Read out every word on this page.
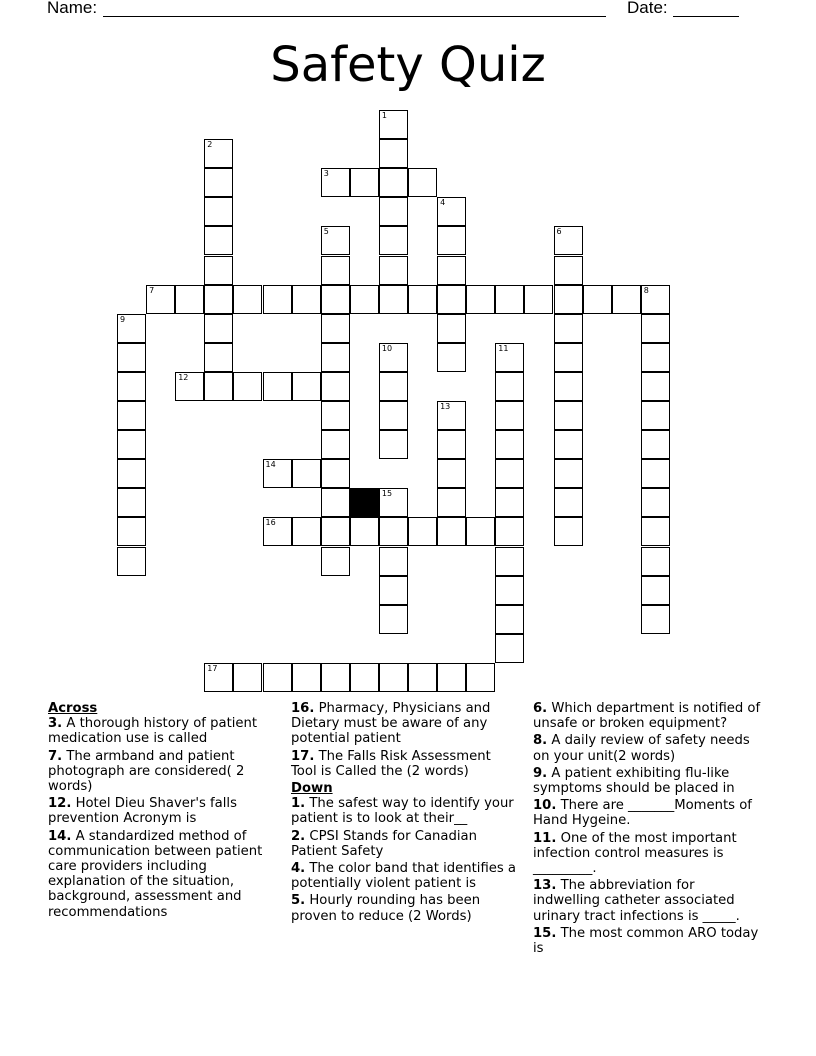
Name:	Date:
Safety Quiz
1
2
3
4
5	6
7	8
9
10	11
12
13
14
15
16
17
Across
3. A thorough history of patient medication use is called
7. The armband and patient photograph are considered( 2 words)
12. Hotel Dieu Shaver's falls prevention Acronym is
14. A standardized method of communication between patient care providers including explanation of the situation, background, assessment and recommendations
16. Pharmacy, Physicians and Dietary must be aware of any potential patient
17. The Falls Risk Assessment Tool is Called the (2 words)
Down
1. The safest way to identify your patient is to look at their__
2. CPSI Stands for Canadian Patient Safety
4. The color band that identifies a potentially violent patient is
5. Hourly rounding has been proven to reduce (2 Words)
6. Which department is notified of unsafe or broken equipment?
8. A daily review of safety needs on your unit(2 words)
9. A patient exhibiting flu-like symptoms should be placed in
10. There are _______Moments of Hand Hygeine.
11. One of the most important infection control measures is _________.
13. The abbreviation for indwelling catheter associated urinary tract infections is _____.
15. The most common ARO today is
